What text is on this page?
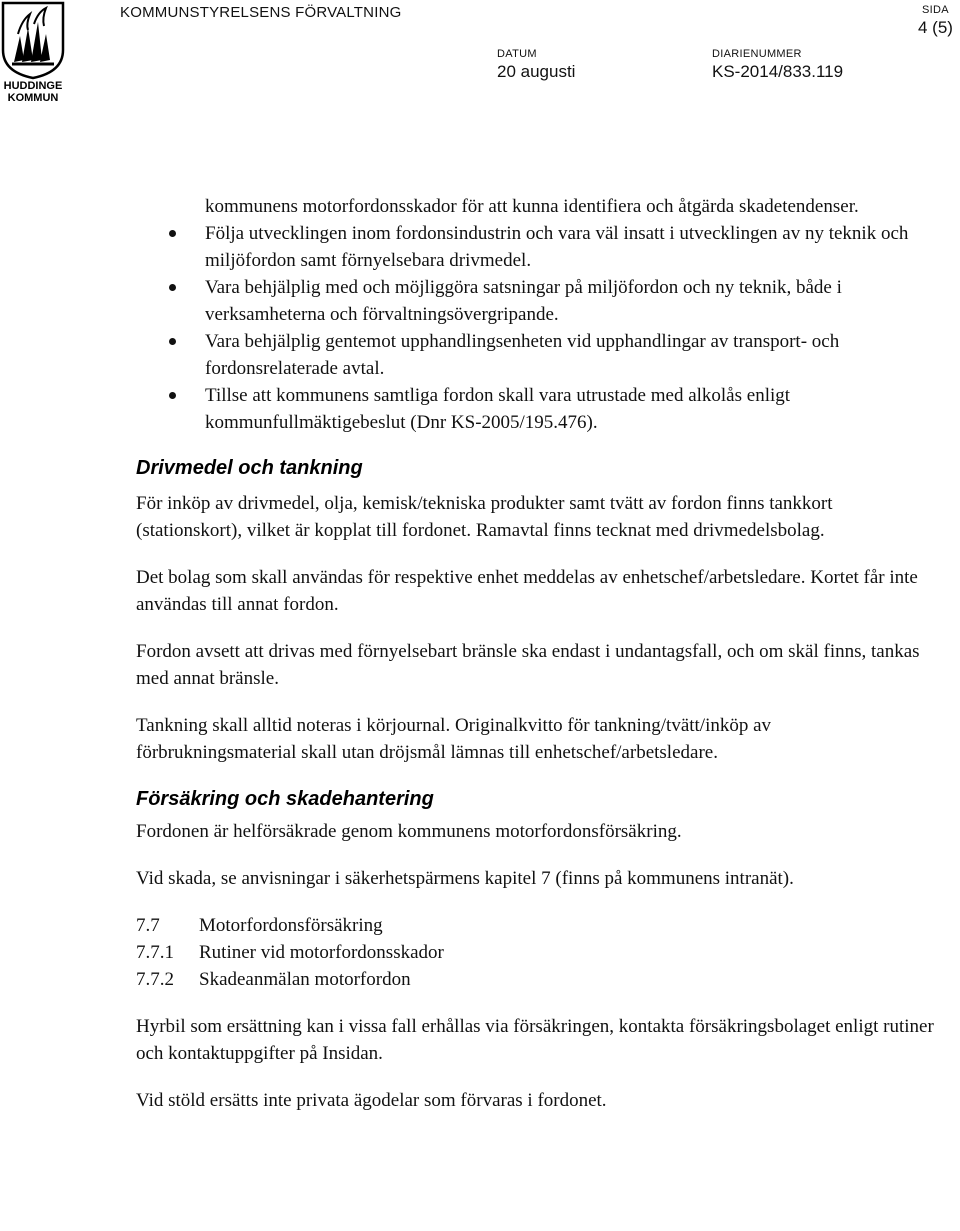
HUDDINGE KOMMUN
KOMMUNSTYRELSENS FÖRVALTNING
DATUM
20 augusti
DIARIENUMMER
KS-2014/833.119
SIDA
4 (5)
kommunens motorfordonsskador för att kunna identifiera och åtgärda skadetendenser.
Följa utvecklingen inom fordonsindustrin och vara väl insatt i utvecklingen av ny teknik och miljöfordon samt förnyelsebara drivmedel.
Vara behjälplig med och möjliggöra satsningar på miljöfordon och ny teknik, både i verksamheterna och förvaltningsövergripande.
Vara behjälplig gentemot upphandlingsenheten vid upphandlingar av transport- och fordonsrelaterade avtal.
Tillse att kommunens samtliga fordon skall vara utrustade med alkolås enligt kommunfullmäktigebeslut (Dnr KS-2005/195.476).
Drivmedel och tankning

För inköp av drivmedel, olja, kemisk/tekniska produkter samt tvätt av fordon finns tankkort (stationskort), vilket är kopplat till fordonet. Ramavtal finns tecknat med drivmedelsbolag.

Det bolag som skall användas för respektive enhet meddelas av enhetschef/arbetsledare. Kortet får inte användas till annat fordon.

Fordon avsett att drivas med förnyelsebart bränsle ska endast i undantagsfall, och om skäl finns, tankas med annat bränsle.

Tankning skall alltid noteras i körjournal. Originalkvitto för tankning/tvätt/inköp av förbrukningsmaterial skall utan dröjsmål lämnas till enhetschef/arbetsledare.

Försäkring och skadehantering

Fordonen är helförsäkrade genom kommunens motorfordonsförsäkring.

Vid skada, se anvisningar i säkerhetspärmens kapitel 7 (finns på kommunens intranät).

7.7	Motorfordonsförsäkring
7.7.1	Rutiner vid motorfordonsskador
7.7.2	Skadeanmälan motorfordon

Hyrbil som ersättning kan i vissa fall erhållas via försäkringen, kontakta försäkringsbolaget enligt rutiner och kontaktuppgifter på Insidan.

Vid stöld ersätts inte privata ägodelar som förvaras i fordonet.
